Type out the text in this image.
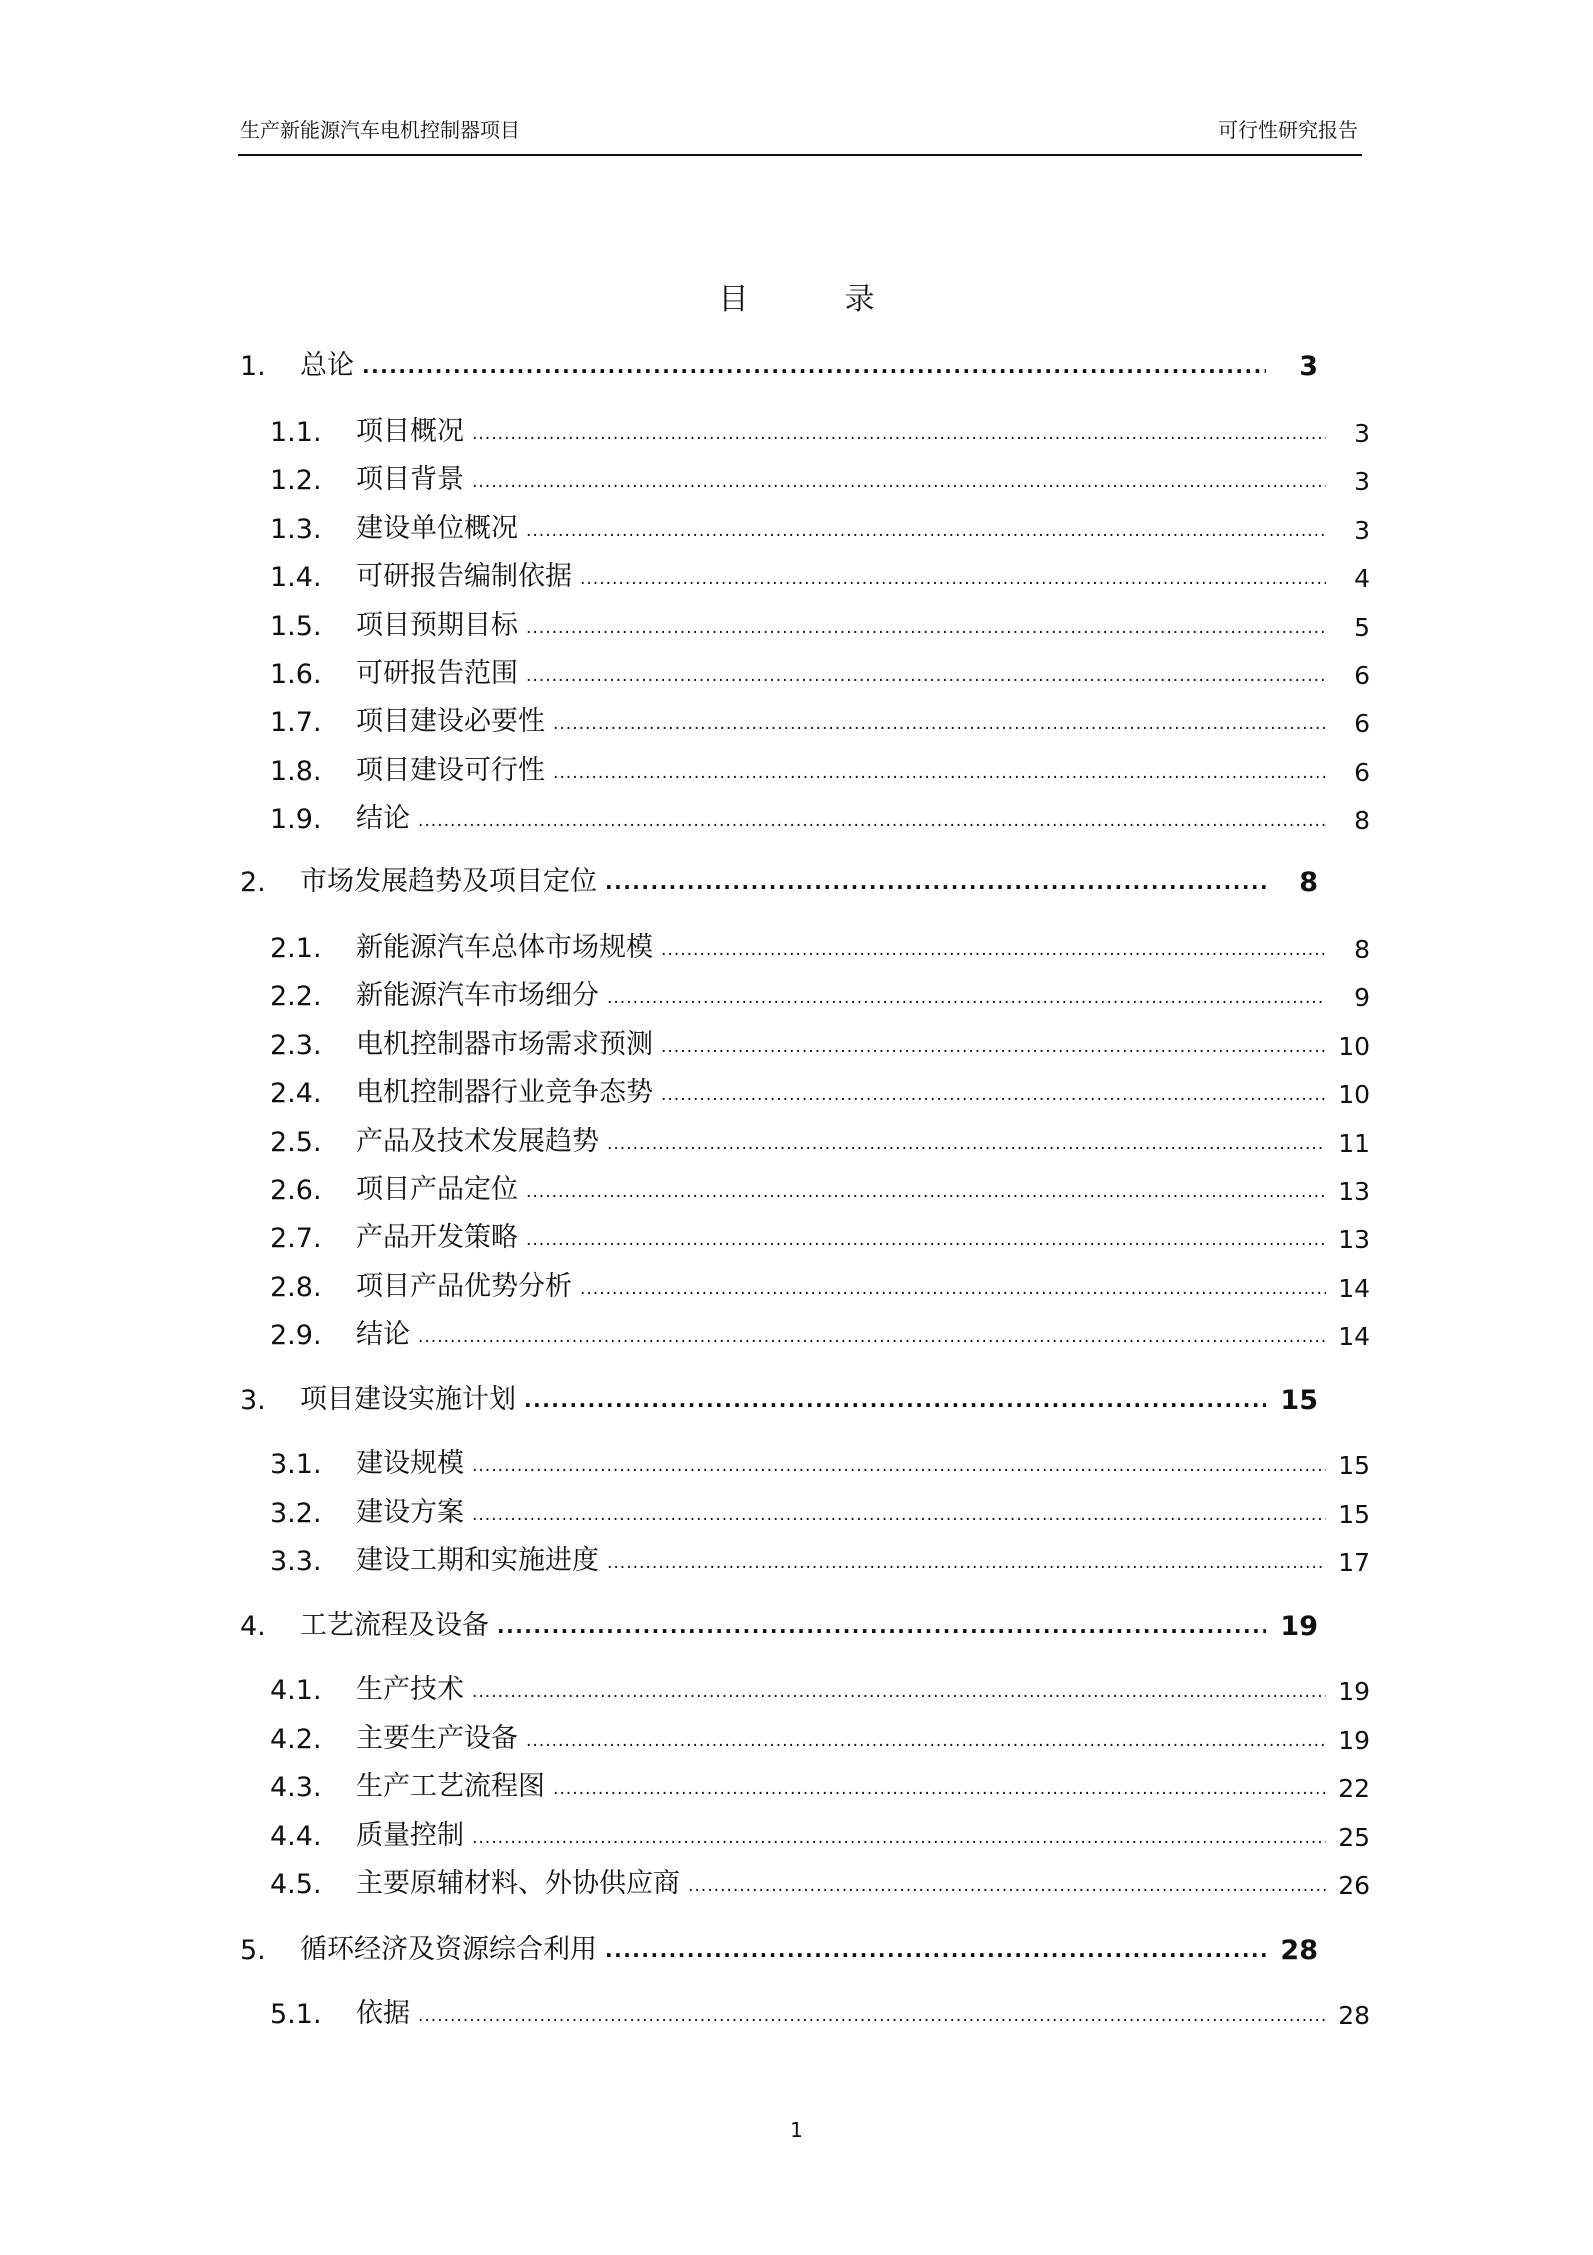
生产新能源汽车电机控制器项目	可行性研究报告
目	录
1.	总论 .....	3
1.1.	项目概况 .....	3
1.2.	项目背景 .....	3
1.3.	建设单位概况 .....	3
1.4.	可研报告编制依据 .....	4
1.5.	项目预期目标 .....	5
1.6.	可研报告范围 .....	6
1.7.	项目建设必要性 .....	6
1.8.	项目建设可行性 .....	6
1.9.	结论 .....	8
2.	市场发展趋势及项目定位 .....	8
2.1.	新能源汽车总体市场规模 .....	8
2.2.	新能源汽车市场细分 .....	9
2.3.	电机控制器市场需求预测 .....	10
2.4.	电机控制器行业竞争态势 .....	10
2.5.	产品及技术发展趋势 .....	11
2.6.	项目产品定位 .....	13
2.7.	产品开发策略 .....	13
2.8.	项目产品优势分析 .....	14
2.9.	结论 .....	14
3.	项目建设实施计划 .....	15
3.1.	建设规模 .....	15
3.2.	建设方案 .....	15
3.3.	建设工期和实施进度 .....	17
4.	工艺流程及设备 .....	19
4.1.	生产技术 .....	19
4.2.	主要生产设备 .....	19
4.3.	生产工艺流程图 .....	22
4.4.	质量控制 .....	25
4.5.	主要原辅材料、外协供应商 .....	26
5.	循环经济及资源综合利用 .....	28
5.1.	依据 .....	28
1
